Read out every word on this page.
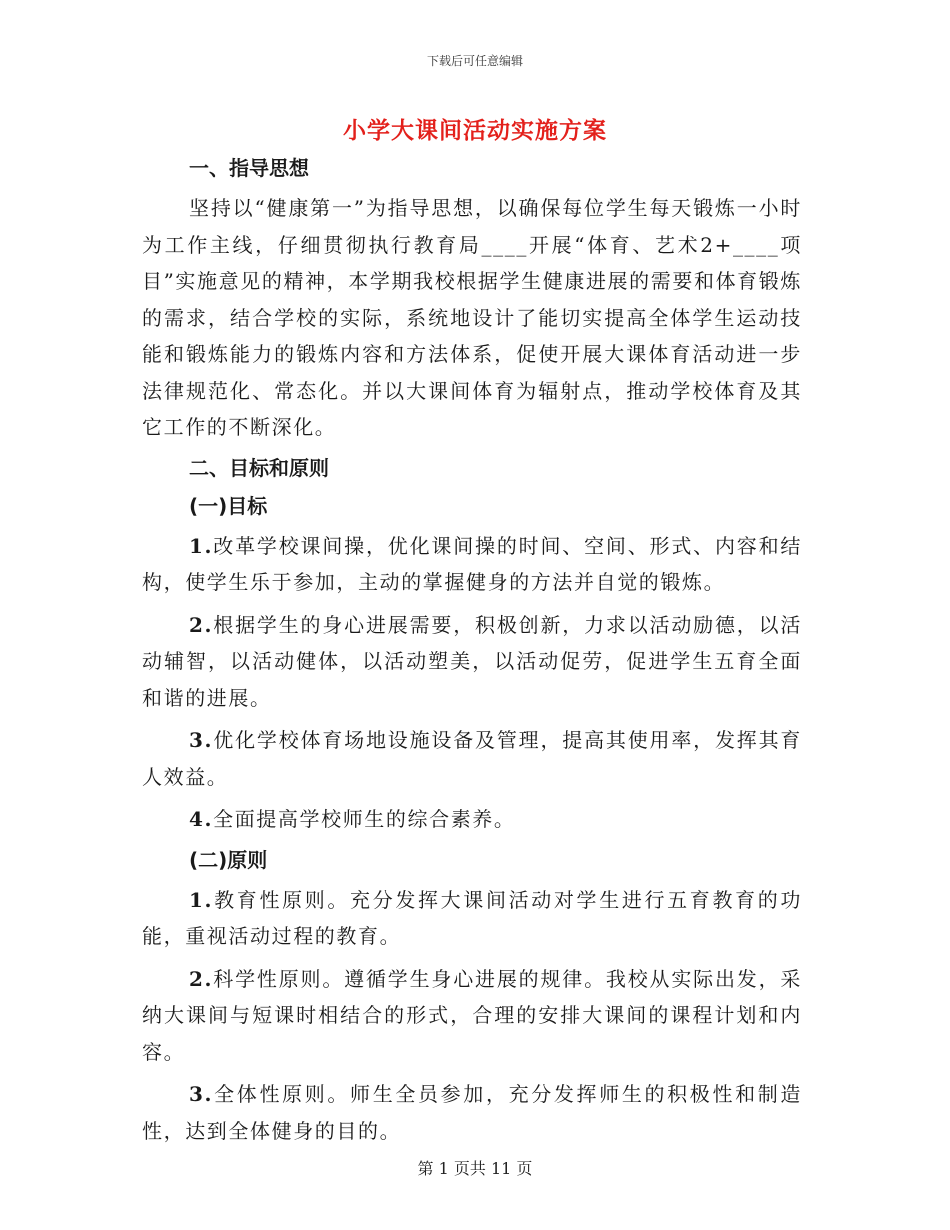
下载后可任意编辑
小学大课间活动实施方案
一、指导思想

坚持以“健康第一”为指导思想，以确保每位学生每天锻炼一小时为工作主线，仔细贯彻执行教育局____开展“体育、艺术2+____项目”实施意见的精神，本学期我校根据学生健康进展的需要和体育锻炼的需求，结合学校的实际，系统地设计了能切实提高全体学生运动技能和锻炼能力的锻炼内容和方法体系，促使开展大课体育活动进一步法律规范化、常态化。并以大课间体育为辐射点，推动学校体育及其它工作的不断深化。

二、目标和原则
(一)目标

1.改革学校课间操，优化课间操的时间、空间、形式、内容和结构，使学生乐于参加，主动的掌握健身的方法并自觉的锻炼。

2.根据学生的身心进展需要，积极创新，力求以活动励德，以活动辅智，以活动健体，以活动塑美，以活动促劳，促进学生五育全面和谐的进展。

3.优化学校体育场地设施设备及管理，提高其使用率，发挥其育人效益。

4.全面提高学校师生的综合素养。

(二)原则

1.教育性原则。充分发挥大课间活动对学生进行五育教育的功能，重视活动过程的教育。

2.科学性原则。遵循学生身心进展的规律。我校从实际出发，采纳大课间与短课时相结合的形式，合理的安排大课间的课程计划和内容。

3.全体性原则。师生全员参加，充分发挥师生的积极性和制造性，达到全体健身的目的。

第 1 页共 11 页
